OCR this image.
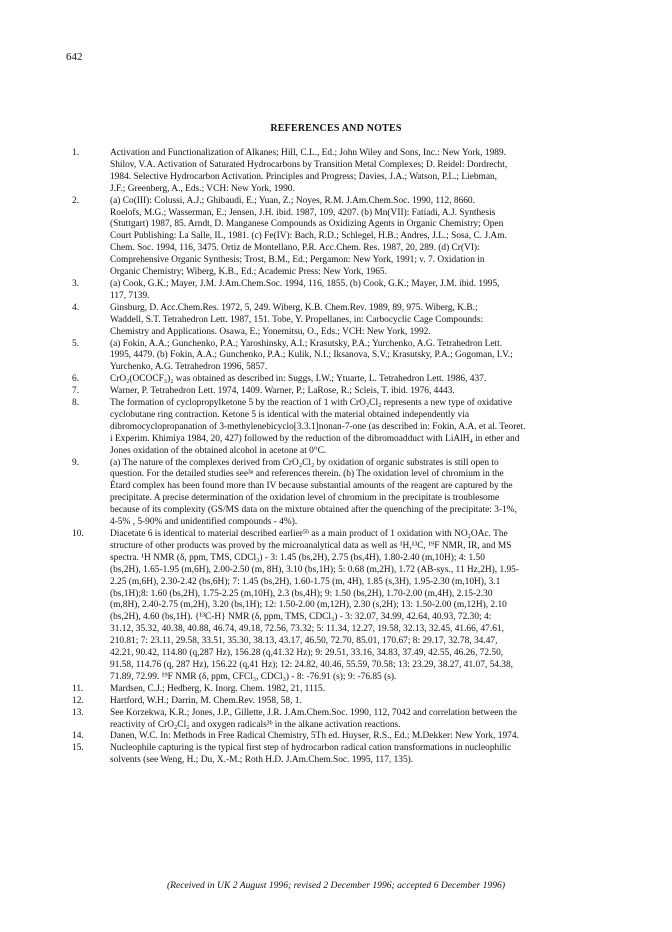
642
REFERENCES AND NOTES
1.	Activation and Functionalization of Alkanes; Hill, C.L., Ed.; John Wiley and Sons, Inc.: New York, 1989.
Shilov, V.A. Activation of Saturated Hydrocarbons by Transition Metal Complexes; D. Reidel: Dordrecht,
1984. Selective Hydrocarbon Activation. Principles and Progress; Davies, J.A.; Watson, P.L.; Liebman,
J.F.; Greenberg, A., Eds.; VCH: New York, 1990.
2.	(a) Co(III): Colussi, A.J.; Ghibaudi, E.; Yuan, Z.; Noyes, R.M. J.Am.Chem.Soc. 1990, 112, 8660.
Roelofs, M.G.; Wasserman, E.; Jensen, J.H. ibid. 1987, 109, 4207. (b) Mn(VII): Fatiadi, A.J. Synthesis
(Stuttgart) 1987, 85. Arndt, D. Manganese Compounds as Oxidizing Agents in Organic Chemistry; Open
Court Publishing: La Salle, IL, 1981. (c) Fe(IV): Bach, R.D.; Schlegel, H.B.; Andres, J.L.; Sosa, C. J.Am.
Chem. Soc. 1994, 116, 3475. Ortiz de Montellano, P.R. Acc.Chem. Res. 1987, 20, 289. (d) Cr(VI):
Comprehensive Organic Synthesis; Trost, B.M., Ed.; Pergamon: New York, 1991; v. 7. Oxidation in
Organic Chemistry; Wiberg, K.B., Ed.; Academic Press: New York, 1965.
3.	(a) Cook, G.K.; Mayer, J.M. J.Am.Chem.Soc. 1994, 116, 1855. (b) Cook, G.K.; Mayer, J.M. ibid. 1995,
117, 7139.
4.	Ginsburg, D. Acc.Chem.Res. 1972, 5, 249. Wiberg, K.B. Chem.Rev. 1989, 89, 975. Wiberg, K.B.;
Waddell, S.T. Tetrahedron Lett. 1987, 151. Tobe, Y. Propellanes, in: Carbocyclic Cage Compounds:
Chemistry and Applications. Osawa, E.; Yonemitsu, O., Eds.; VCH: New York, 1992.
5.	(a) Fokin, A.A.; Gunchenko, P.A.; Yaroshinsky, A.I.; Krasutsky, P.A.; Yurchenko, A.G. Tetrahedron Lett.
1995, 4479. (b) Fokin, A.A.; Gunchenko, P.A.; Kulik, N.I.; Iksanova, S.V.; Krasutsky, P.A.; Gogoman, I.V.;
Yurchenko, A.G. Tetrahedron 1996, 5857.
6.	CrO₂(OCOCF₃)₂ was obtained as described in: Suggs, I.W.; Ytuarte, L. Tetrahedron Lett. 1986, 437.
7.	Warner, P. Tetrahedron Lett. 1974, 1409. Warner, P.; LaRose, R.; Scleis, T. ibid. 1976, 4443.
8.	The formation of cyclopropylketone 5 by the reaction of 1 with CrO₂Cl₂ represents a new type of oxidative
cyclobutane ring contraction. Ketone 5 is identical with the material obtained independently via
dibromocyclopropanation of 3-methylenebicyclo[3.3.1]nonan-7-one (as described in: Fokin, A.A. et al. Teoret.
i Experim. Khimiya 1984, 20, 427) followed by the reduction of the dibromoadduct with LiAlH₄ in ether and
Jones oxidation of the obtained alcohol in acetone at 0°C.
9.	(a) The nature of the complexes derived from CrO₂Cl₂ by oxidation of organic substrates is still open to
question. For the detailed studies see³ᵃ and references therein. (b) The oxidation level of chromium in the
Étard complex has been found more than IV because substantial amounts of the reagent are captured by the
precipitate. A precise determination of the oxidation level of chromium in the precipitate is troublesome
because of its complexity (GS/MS data on the mixture obtained after the quenching of the precipitate: 3-1%,
4-5% , 5-90% and unidentified compounds - 4%).
10.	Diacetate 6 is identical to material described earlier⁵ᵇ as a main product of 1 oxidation with NO₂OAc. The
structure of other products was proved by the microanalytical data as well as ¹H,¹³C, ¹⁹F NMR, IR, and MS
spectra. ¹H NMR (δ, ppm, TMS, CDCl₃) - 3: 1.45 (bs,2H), 2.75 (bs,4H), 1.80-2.40 (m,10H); 4: 1.50
(bs,2H), 1.65-1.95 (m,6H), 2.00-2.50 (m, 8H), 3.10 (bs,1H); 5: 0.68 (m,2H), 1.72 (AB-sys., 11 Hz,2H), 1.95-
2.25 (m,6H), 2.30-2.42 (bs,6H); 7: 1.45 (bs,2H), 1.60-1.75 (m, 4H), 1.85 (s,3H), 1.95-2.30 (m,10H), 3.1
(bs,1H);8: 1.60 (bs,2H), 1.75-2.25 (m,10H), 2.3 (bs,4H); 9: 1.50 (bs,2H), 1.70-2.00 (m,4H), 2.15-2.30
(m,8H), 2.40-2.75 (m,2H), 3.20 (bs,1H); 12: 1.50-2.00 (m,12H), 2.30 (s,2H); 13: 1.50-2.00 (m,12H), 2.10
(bs,2H), 4.60 (bs,1H). {¹³C-H} NMR (δ, ppm, TMS, CDCl₃) - 3: 32.07, 34.99, 42.64, 40.93, 72.30; 4:
31.12, 35.32, 40.38, 40.88, 46.74, 49.18, 72.56, 73.32; 5: 11.34, 12.27, 19.58, 32.13, 32.45, 41.66, 47.61,
210.81; 7: 23.11, 29.58, 33.51, 35.30, 38.13, 43.17, 46.50, 72.70, 85.01, 170.67; 8: 29.17, 32.78, 34.47,
42.21, 90.42, 114.80 (q,287 Hz), 156.28 (q,41.32 Hz); 9: 29.51, 33.16, 34.83, 37.49, 42.55, 46.26, 72.50,
91.58, 114.76 (q, 287 Hz), 156.22 (q,41 Hz); 12: 24.82, 40.46, 55.59, 70.58; 13: 23.29, 38.27, 41.07, 54.38,
71.89, 72.99. ¹⁹F NMR (δ, ppm, CFCl₃, CDCl₃) - 8: -76.91 (s); 9: -76.85 (s).
11.	Mardsen, C.J.; Hedberg, K. Inorg. Chem. 1982, 21, 1115.
12.	Hartford, W.H.; Darrin, M. Chem.Rev. 1958, 58, 1.
13.	See Korzekwa, K.R.; Jones, J.P., Gillette, J.R. J.Am.Chem.Soc. 1990, 112, 7042 and correlation between the
reactivity of CrO₂Cl₂ and oxygen radicals³ᵇ in the alkane activation reactions.
14.	Danen, W.C. In: Methods in Free Radical Chemistry, 5Th ed. Huyser, R.S., Ed.; M.Dekker: New York, 1974.
15.	Nucleophile capturing is the typical first step of hydrocarbon radical cation transformations in nucleophilic
solvents (see Weng, H.; Du, X.-M.; Roth H.D. J.Am.Chem.Soc. 1995, 117, 135).
(Received in UK 2 August 1996; revised 2 December 1996; accepted 6 December 1996)
